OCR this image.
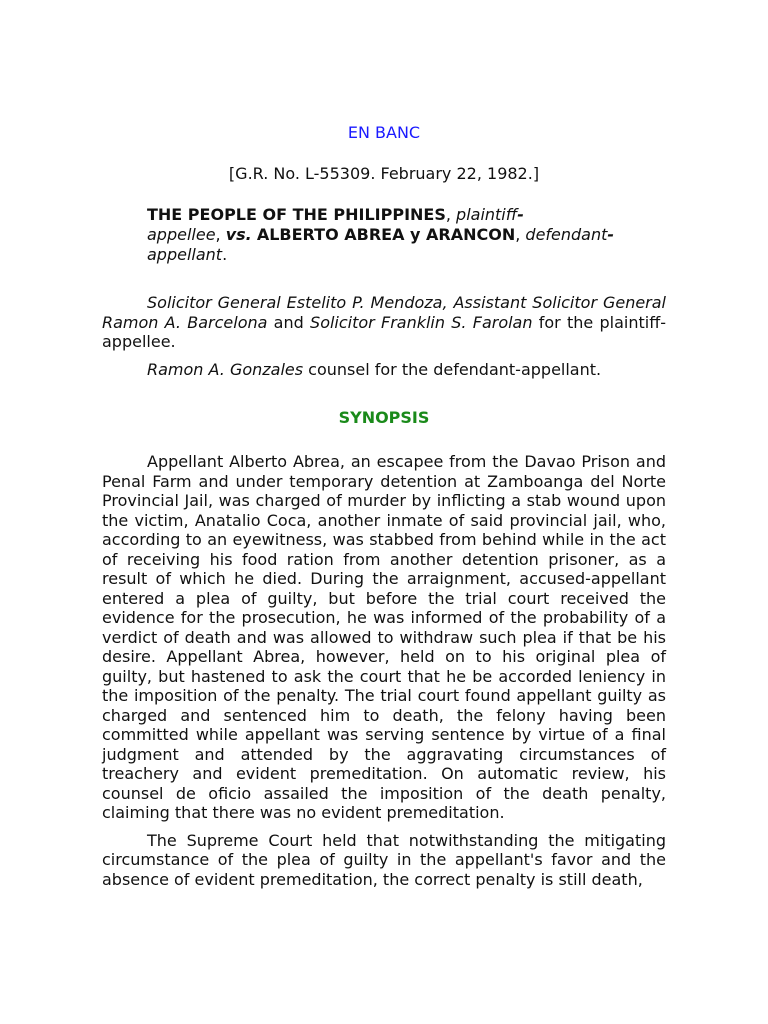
EN BANC
[G.R. No. L-55309. February 22, 1982.]
THE PEOPLE OF THE PHILIPPINES, plaintiff-
appellee, vs. ALBERTO ABREA y ARANCON, defendant-
appellant.

Solicitor General Estelito P. Mendoza, Assistant Solicitor General Ramon A. Barcelona and Solicitor Franklin S. Farolan for the plaintiff-appellee.

Ramon A. Gonzales counsel for the defendant-appellant.

SYNOPSIS

Appellant Alberto Abrea, an escapee from the Davao Prison and Penal Farm and under temporary detention at Zamboanga del Norte Provincial Jail, was charged of murder by inflicting a stab wound upon the victim, Anatalio Coca, another inmate of said provincial jail, who, according to an eyewitness, was stabbed from behind while in the act of receiving his food ration from another detention prisoner, as a result of which he died. During the arraignment, accused-appellant entered a plea of guilty, but before the trial court received the evidence for the prosecution, he was informed of the probability of a verdict of death and was allowed to withdraw such plea if that be his desire. Appellant Abrea, however, held on to his original plea of guilty, but hastened to ask the court that he be accorded leniency in the imposition of the penalty. The trial court found appellant guilty as charged and sentenced him to death, the felony having been committed while appellant was serving sentence by virtue of a final judgment and attended by the aggravating circumstances of treachery and evident premeditation. On automatic review, his counsel de oficio assailed the imposition of the death penalty, claiming that there was no evident premeditation.

The Supreme Court held that notwithstanding the mitigating circumstance of the plea of guilty in the appellant's favor and the absence of evident premeditation, the correct penalty is still death,
